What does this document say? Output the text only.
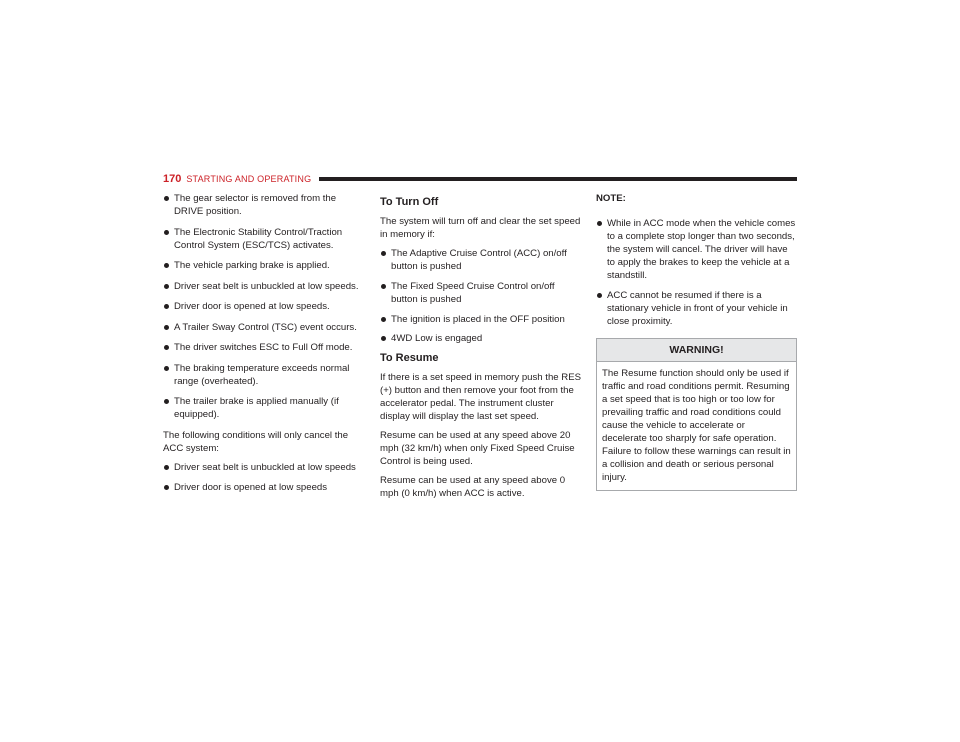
170 STARTING AND OPERATING
The gear selector is removed from the DRIVE position.
The Electronic Stability Control/Traction Control System (ESC/TCS) activates.
The vehicle parking brake is applied.
Driver seat belt is unbuckled at low speeds.
Driver door is opened at low speeds.
A Trailer Sway Control (TSC) event occurs.
The driver switches ESC to Full Off mode.
The braking temperature exceeds normal range (overheated).
The trailer brake is applied manually (if equipped).

The following conditions will only cancel the ACC system:

Driver seat belt is unbuckled at low speeds
Driver door is opened at low speeds
To Turn Off

The system will turn off and clear the set speed in memory if:

The Adaptive Cruise Control (ACC) on/off button is pushed
The Fixed Speed Cruise Control on/off button is pushed
The ignition is placed in the OFF position
4WD Low is engaged
To Resume

If there is a set speed in memory push the RES (+) button and then remove your foot from the accelerator pedal. The instrument cluster display will display the last set speed.

Resume can be used at any speed above 20 mph (32 km/h) when only Fixed Speed Cruise Control is being used.

Resume can be used at any speed above 0 mph (0 km/h) when ACC is active.

NOTE:

While in ACC mode when the vehicle comes to a complete stop longer than two seconds, the system will cancel. The driver will have to apply the brakes to keep the vehicle at a standstill.
ACC cannot be resumed if there is a stationary vehicle in front of your vehicle in close proximity.
WARNING!
The Resume function should only be used if traffic and road conditions permit. Resuming a set speed that is too high or too low for prevailing traffic and road conditions could cause the vehicle to accelerate or decelerate too sharply for safe operation. Failure to follow these warnings can result in a collision and death or serious personal injury.
